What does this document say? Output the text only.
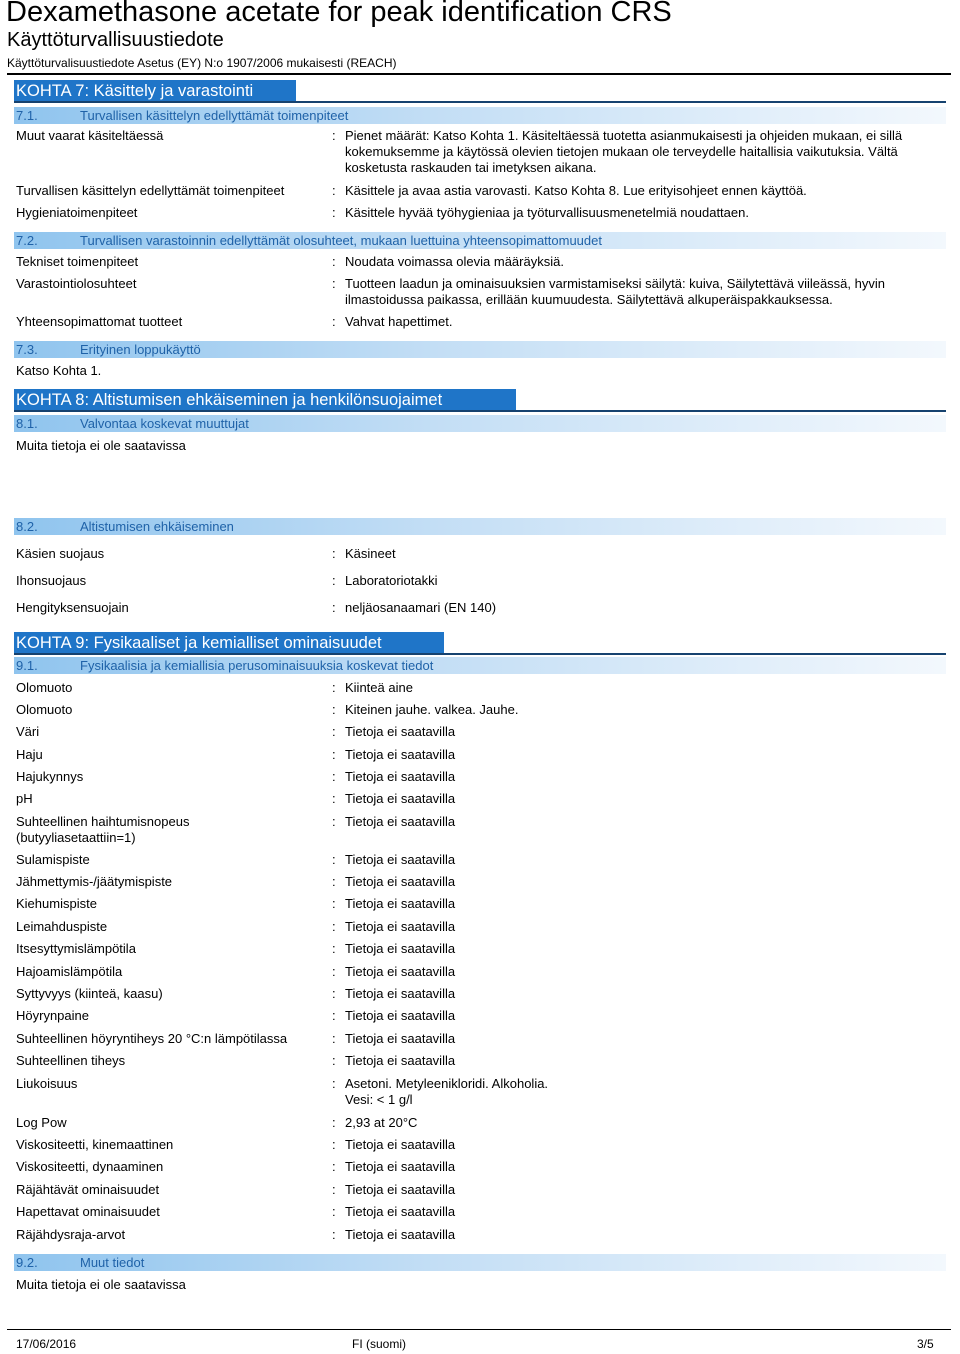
Dexamethasone acetate for peak identification CRS
Käyttöturvallisuustiedote
Käyttöturvalisuustiedote Asetus (EY) N:o 1907/2006 mukaisesti (REACH)
KOHTA 7: Käsittely ja varastointi
7.1.	Turvallisen käsittelyn edellyttämät toimenpiteet
Muut vaarat käsiteltäessä	: Pienet määrät: Katso Kohta 1. Käsiteltäessä tuotetta asianmukaisesti ja ohjeiden mukaan, ei sillä kokemuksemme ja käytössä olevien tietojen mukaan ole terveydelle haitallisia vaikutuksia. Vältä kosketusta raskauden tai imetyksen aikana.
Turvallisen käsittelyn edellyttämät toimenpiteet	: Käsittele ja avaa astia varovasti. Katso Kohta 8. Lue erityisohjeet ennen käyttöä.
Hygieniatoimenpiteet	: Käsittele hyvää työhygieniaa ja työturvallisuusmenetelmiä noudattaen.
7.2.	Turvallisen varastoinnin edellyttämät olosuhteet, mukaan luettuina yhteensopimattomuudet
Tekniset toimenpiteet	: Noudata voimassa olevia määräyksiä.
Varastointiolosuhteet	: Tuotteen laadun ja ominaisuuksien varmistamiseksi säilytä: kuiva, Säilytettävä viileässä, hyvin ilmastoidussa paikassa, erillään kuumuudesta. Säilytettävä alkuperäispakkauksessa.
Yhteensopimattomat tuotteet	: Vahvat hapettimet.
7.3.	Erityinen loppukäyttö
Katso Kohta 1.
KOHTA 8: Altistumisen ehkäiseminen ja henkilönsuojaimet
8.1.	Valvontaa koskevat muuttujat
Muita tietoja ei ole saatavissa
8.2.	Altistumisen ehkäiseminen
Käsien suojaus	: Käsineet
Ihonsuojaus	: Laboratoriotakki
Hengityksensuojain	: neljäosanaamari (EN 140)
KOHTA 9: Fysikaaliset ja kemialliset ominaisuudet
9.1.	Fysikaalisia ja kemiallisia perusominaisuuksia koskevat tiedot
Olomuoto	: Kiinteä aine
Olomuoto	: Kiteinen jauhe. valkea. Jauhe.
Väri	: Tietoja ei saatavilla
Haju	: Tietoja ei saatavilla
Hajukynnys	: Tietoja ei saatavilla
pH	: Tietoja ei saatavilla
Suhteellinen haihtumisnopeus (butyyliasetaattiin=1)
: Tietoja ei saatavilla
Sulamispiste	: Tietoja ei saatavilla
Jähmettymis-/jäätymispiste	: Tietoja ei saatavilla
Kiehumispiste	: Tietoja ei saatavilla
Leimahduspiste	: Tietoja ei saatavilla
Itsesyttymislämpötila	: Tietoja ei saatavilla
Hajoamislämpötila	: Tietoja ei saatavilla
Syttyvyys (kiinteä, kaasu)	: Tietoja ei saatavilla
Höyrynpaine	: Tietoja ei saatavilla
Suhteellinen höyryntiheys 20 °C:n lämpötilassa	: Tietoja ei saatavilla
Suhteellinen tiheys	: Tietoja ei saatavilla
Liukoisuus	: Asetoni. Metyleenikloridi. Alkoholia.
Vesi: < 1 g/l
Log Pow	: 2,93 at 20°C
Viskositeetti, kinemaattinen	: Tietoja ei saatavilla
Viskositeetti, dynaaminen	: Tietoja ei saatavilla
Räjähtävät ominaisuudet	: Tietoja ei saatavilla
Hapettavat ominaisuudet	: Tietoja ei saatavilla
Räjähdysraja-arvot	: Tietoja ei saatavilla
9.2.	Muut tiedot
Muita tietoja ei ole saatavissa
17/06/2016	FI (suomi)	3/5
